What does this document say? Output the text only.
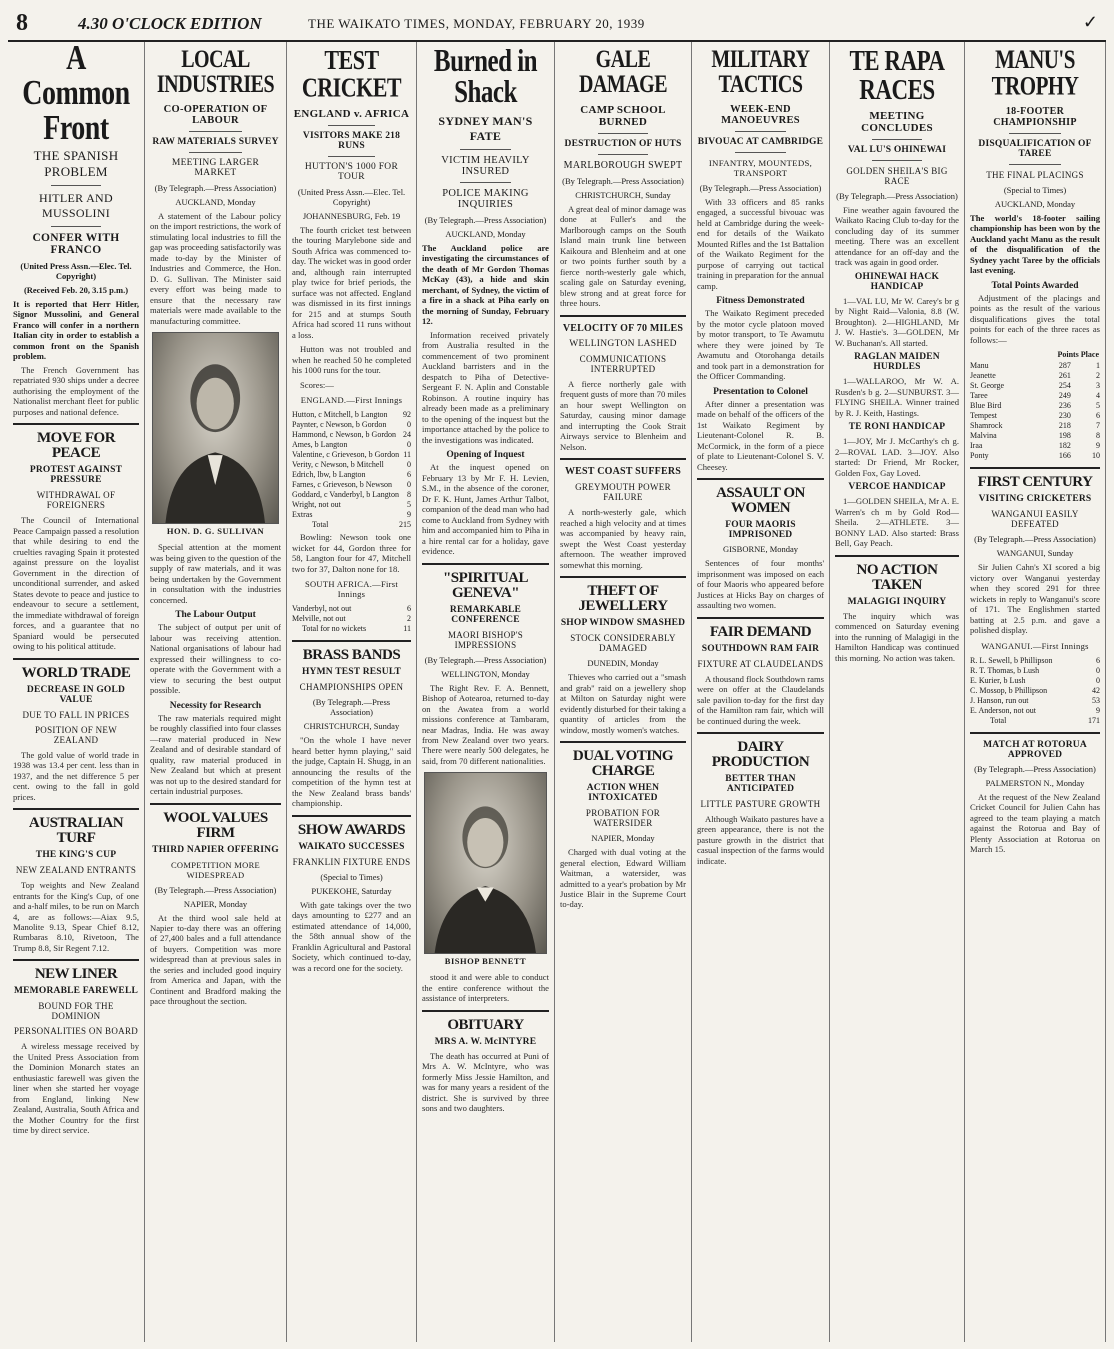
8	4.30 O'CLOCK EDITION	THE WAIKATO TIMES, MONDAY, FEBRUARY 20, 1939	✓
A Common Front
THE SPANISH PROBLEM
HITLER AND MUSSOLINI
CONFER WITH FRANCO
(United Press Assn.—Elec. Tel. Copyright)
(Received Feb. 20, 3.15 p.m.)
It is reported that Herr Hitler, Signor Mussolini, and General Franco will confer in a northern Italian city in order to establish a common front on the Spanish problem.
The French Government has repatriated 930 ships under a decree authorising the employment of the Nationalist merchant fleet for public purposes and national defence.
MOVE FOR PEACE
PROTEST AGAINST PRESSURE
WITHDRAWAL OF FOREIGNERS
The Council of International Peace Campaign passed a resolution that while desiring to end the cruelties ravaging Spain it protested against pressure on the loyalist Government in the direction of unconditional surrender, and asked States devote to peace and justice to endeavour to secure a settlement, the immediate withdrawal of foreign forces, and a guarantee that no Spaniard would be persecuted owing to his political attitude.
WORLD TRADE
DECREASE IN GOLD VALUE
DUE TO FALL IN PRICES
POSITION OF NEW ZEALAND
The gold value of world trade in 1938 was 13.4 per cent. less than in 1937, and the net difference 5 per cent. owing to the fall in gold prices.
AUSTRALIAN TURF
THE KING'S CUP
NEW ZEALAND ENTRANTS
Top weights and New Zealand entrants for the King's Cup, of one and a-half miles, to be run on March 4, are as follows:—Aiax 9.5, Manolite 9.13, Spear Chief 8.12, Rumbaras 8.10, Rivetoon, The Trump 8.8, Sir Regent 7.12.
NEW LINER
MEMORABLE FAREWELL
BOUND FOR THE DOMINION
PERSONALITIES ON BOARD
A wireless message received by the United Press Association from the Dominion Monarch states an enthusiastic farewell was given the liner when she started her voyage from England, linking New Zealand, Australia, South Africa and the Mother Country for the first time by direct service.
LOCAL INDUSTRIES
CO-OPERATION OF LABOUR
RAW MATERIALS SURVEY
MEETING LARGER MARKET
(By Telegraph.—Press Association)
AUCKLAND, Monday
A statement of the Labour policy on the import restrictions, the work of stimulating local industries to fill the gap was proceeding satisfactorily was made to-day by the Minister of Industries and Commerce, the Hon. D. G. Sullivan. The Minister said every effort was being made to ensure that the necessary raw materials were made available to the manufacturing committee.
HON. D. G. SULLIVAN
Special attention at the moment was being given to the question of the supply of raw materials, and it was being undertaken by the Government in consultation with the industries concerned.
The Labour Output
The subject of output per unit of labour was receiving attention. National organisations of labour had expressed their willingness to co-operate with the Government with a view to securing the best output possible.
Necessity for Research
The raw materials required might be roughly classified into four classes —raw material produced in New Zealand and of desirable standard of quality, raw material produced in New Zealand but which at present was not up to the desired standard for certain industrial purposes.
WOOL VALUES FIRM
THIRD NAPIER OFFERING
COMPETITION MORE WIDESPREAD
(By Telegraph.—Press Association)
NAPIER, Monday
At the third wool sale held at Napier to-day there was an offering of 27,400 bales and a full attendance of buyers. Competition was more widespread than at previous sales in the series and included good inquiry from America and Japan, with the Continent and Bradford making the pace throughout the section.
TEST CRICKET
ENGLAND v. AFRICA
VISITORS MAKE 218 RUNS
HUTTON'S 1000 FOR TOUR
(United Press Assn.—Elec. Tel. Copyright)
JOHANNESBURG, Feb. 19
The fourth cricket test between the touring Marylebone side and South Africa was commenced to-day. The wicket was in good order and, although rain interrupted play twice for brief periods, the surface was not affected. England was dismissed in its first innings for 215 and at stumps South Africa had scored 11 runs without a loss.
Hutton was not troubled and when he reached 50 he completed his 1000 runs for the tour.
Scores:—
ENGLAND.—First Innings
Hutton, c Mitchell, b Langton	92
Paynter, c Newson, b Gordon	0
Hammond, c Newson, b Gordon	24
Ames, b Langton	0
Valentine, c Grieveson, b Gordon	11
Verity, c Newson, b Mitchell	0
Edrich, lbw, b Langton	6
Farnes, c Grieveson, b Newson	0
Goddard, c Vanderbyl, b Langton	8
Wright, not out	5
Extras	9
Total	215
Bowling: Newson took one wicket for 44, Gordon three for 58, Langton four for 47, Mitchell two for 37, Dalton none for 18.
SOUTH AFRICA.—First Innings
Vanderbyl, not out	6
Melville, not out	2
Total for no wickets	11
BRASS BANDS
HYMN TEST RESULT
CHAMPIONSHIPS OPEN
(By Telegraph.—Press Association)
CHRISTCHURCH, Sunday
"On the whole I have never heard better hymn playing," said the judge, Captain H. Shugg, in an announcing the results of the competition of the hymn test at the New Zealand brass bands' championship.
SHOW AWARDS
WAIKATO SUCCESSES
FRANKLIN FIXTURE ENDS
(Special to Times)
PUKEKOHE, Saturday
With gate takings over the two days amounting to £277 and an estimated attendance of 14,000, the 58th annual show of the Franklin Agricultural and Pastoral Society, which continued to-day, was a record one for the society.
Burned in Shack
SYDNEY MAN'S FATE
VICTIM HEAVILY INSURED
POLICE MAKING INQUIRIES
(By Telegraph.—Press Association)
AUCKLAND, Monday
The Auckland police are investigating the circumstances of the death of Mr Gordon Thomas McKay (43), a hide and skin merchant, of Sydney, the victim of a fire in a shack at Piha early on the morning of Sunday, February 12.
Information received privately from Australia resulted in the commencement of two prominent Auckland barristers and in the despatch to Piha of Detective-Sergeant F. N. Aplin and Constable Robinson. A routine inquiry has already been made as a preliminary to the opening of the inquest but the importance attached by the police to the investigations was indicated.
Opening of Inquest
At the inquest opened on February 13 by Mr F. H. Levien, S.M., in the absence of the coroner, Dr F. K. Hunt, James Arthur Talbot, companion of the dead man who had come to Auckland from Sydney with him and accompanied him to Piha in a hire rental car for a holiday, gave evidence.
"SPIRITUAL GENEVA"
REMARKABLE CONFERENCE
MAORI BISHOP'S IMPRESSIONS
(By Telegraph.—Press Association)
WELLINGTON, Monday
The Right Rev. F. A. Bennett, Bishop of Aotearoa, returned to-day on the Awatea from a world missions conference at Tambaram, near Madras, India. He was away from New Zealand over two years. There were nearly 500 delegates, he said, from 70 different nationalities.
BISHOP BENNETT
stood it and were able to conduct the entire conference without the assistance of interpreters.
OBITUARY
MRS A. W. McINTYRE
The death has occurred at Puni of Mrs A. W. McIntyre, who was formerly Miss Jessie Hamilton, and was for many years a resident of the district. She is survived by three sons and two daughters.
GALE DAMAGE
CAMP SCHOOL BURNED
DESTRUCTION OF HUTS
MARLBOROUGH SWEPT
(By Telegraph.—Press Association)
CHRISTCHURCH, Sunday
A great deal of minor damage was done at Fuller's and the Marlborough camps on the South Island main trunk line between Kaikoura and Blenheim and at one or two points further south by a fierce north-westerly gale which, scaling gale on Saturday evening, blew strong and at great force for three hours.
VELOCITY OF 70 MILES
WELLINGTON LASHED
COMMUNICATIONS INTERRUPTED
A fierce northerly gale with frequent gusts of more than 70 miles an hour swept Wellington on Saturday, causing minor damage and interrupting the Cook Strait Airways service to Blenheim and Nelson.
WEST COAST SUFFERS
GREYMOUTH POWER FAILURE
A north-westerly gale, which reached a high velocity and at times was accompanied by heavy rain, swept the West Coast yesterday afternoon. The weather improved somewhat this morning.
THEFT OF JEWELLERY
SHOP WINDOW SMASHED
STOCK CONSIDERABLY DAMAGED
DUNEDIN, Monday
Thieves who carried out a "smash and grab" raid on a jewellery shop at Milton on Saturday night were evidently disturbed for their taking a quantity of articles from the window, mostly women's watches.
DUAL VOTING CHARGE
ACTION WHEN INTOXICATED
PROBATION FOR WATERSIDER
NAPIER, Monday
Charged with dual voting at the general election, Edward William Waitman, a watersider, was admitted to a year's probation by Mr Justice Blair in the Supreme Court to-day.
MILITARY TACTICS
WEEK-END MANOEUVRES
BIVOUAC AT CAMBRIDGE
INFANTRY, MOUNTEDS, TRANSPORT
(By Telegraph.—Press Association)
With 33 officers and 85 ranks engaged, a successful bivouac was held at Cambridge during the week-end for details of the Waikato Mounted Rifles and the 1st Battalion of the Waikato Regiment for the purpose of carrying out tactical training in preparation for the annual camp.
Fitness Demonstrated
The Waikato Regiment preceded by the motor cycle platoon moved by motor transport, to Te Awamutu where they were joined by Te Awamutu and Otorohanga details and took part in a demonstration for the Officer Commanding.
Presentation to Colonel
After dinner a presentation was made on behalf of the officers of the 1st Waikato Regiment by Lieutenant-Colonel R. B. McCormick, in the form of a piece of plate to Lieutenant-Colonel S. V. Cheesey.
ASSAULT ON WOMEN
FOUR MAORIS IMPRISONED
GISBORNE, Monday
Sentences of four months' imprisonment was imposed on each of four Maoris who appeared before Justices at Hicks Bay on charges of assaulting two women.
FAIR DEMAND
SOUTHDOWN RAM FAIR
FIXTURE AT CLAUDELANDS
A thousand flock Southdown rams were on offer at the Claudelands sale pavilion to-day for the first day of the Hamilton ram fair, which will be continued during the week.
DAIRY PRODUCTION
BETTER THAN ANTICIPATED
LITTLE PASTURE GROWTH
Although Waikato pastures have a green appearance, there is not the pasture growth in the district that casual inspection of the farms would indicate.
TE RAPA RACES
MEETING CONCLUDES
VAL LU'S OHINEWAI
GOLDEN SHEILA'S BIG RACE
(By Telegraph.—Press Association)
Fine weather again favoured the Waikato Racing Club to-day for the concluding day of its summer meeting. There was an excellent attendance for an off-day and the track was again in good order.
OHINEWAI HACK HANDICAP
1—VAL LU, Mr W. Carey's br g by Night Raid—Valonia, 8.8 (W. Broughton). 2—HIGHLAND, Mr J. W. Hastie's. 3—GOLDEN, Mr W. Buchanan's. All started.
RAGLAN MAIDEN HURDLES
1—WALLAROO, Mr W. A. Rusden's b g. 2—SUNBURST. 3—FLYING SHEILA. Winner trained by R. J. Keith, Hastings.
TE RONI HANDICAP
1—JOY, Mr J. McCarthy's ch g. 2—ROVAL LAD. 3—JOY. Also started: Dr Friend, Mr Rocker, Golden Fox, Gay Loved.
VERCOE HANDICAP
1—GOLDEN SHEILA, Mr A. E. Warren's ch m by Gold Rod—Sheila. 2—ATHLETE. 3—BONNY LAD. Also started: Brass Bell, Gay Peach.
NO ACTION TAKEN
MALAGIGI INQUIRY
The inquiry which was commenced on Saturday evening into the running of Malagigi in the Hamilton Handicap was continued this morning. No action was taken.
MANU'S TROPHY
18-FOOTER CHAMPIONSHIP
DISQUALIFICATION OF TAREE
THE FINAL PLACINGS
(Special to Times)
AUCKLAND, Monday
The world's 18-footer sailing championship has been won by the Auckland yacht Manu as the result of the disqualification of the Sydney yacht Taree by the officials last evening.
Total Points Awarded
Adjustment of the placings and points as the result of the various disqualifications gives the total points for each of the three races as follows:—
	Points Place	
Manu	287	1
Jeanette	261	2
St. George	254	3
Taree	249	4
Blue Bird	236	5
Tempest	230	6
Shamrock	218	7
Malvina	198	8
Iraa	182	9
Ponty	166	10
FIRST CENTURY
VISITING CRICKETERS
WANGANUI EASILY DEFEATED
(By Telegraph.—Press Association)
WANGANUI, Sunday
Sir Julien Cahn's XI scored a big victory over Wanganui yesterday when they scored 291 for three wickets in reply to Wanganui's score of 171. The Englishmen started batting at 2.5 p.m. and gave a polished display.
WANGANUI.—First Innings
R. L. Sewell, b Phillipson	6
R. T. Thomas, b Lush	0
E. Kurier, b Lush	0
C. Mossop, b Phillipson	42
J. Hanson, run out	53
E. Anderson, not out	9
Total	171
MATCH AT ROTORUA APPROVED
(By Telegraph.—Press Association)
PALMERSTON N., Monday
At the request of the New Zealand Cricket Council for Julien Cahn has agreed to the team playing a match against the Rotorua and Bay of Plenty Association at Rotorua on March 15.
